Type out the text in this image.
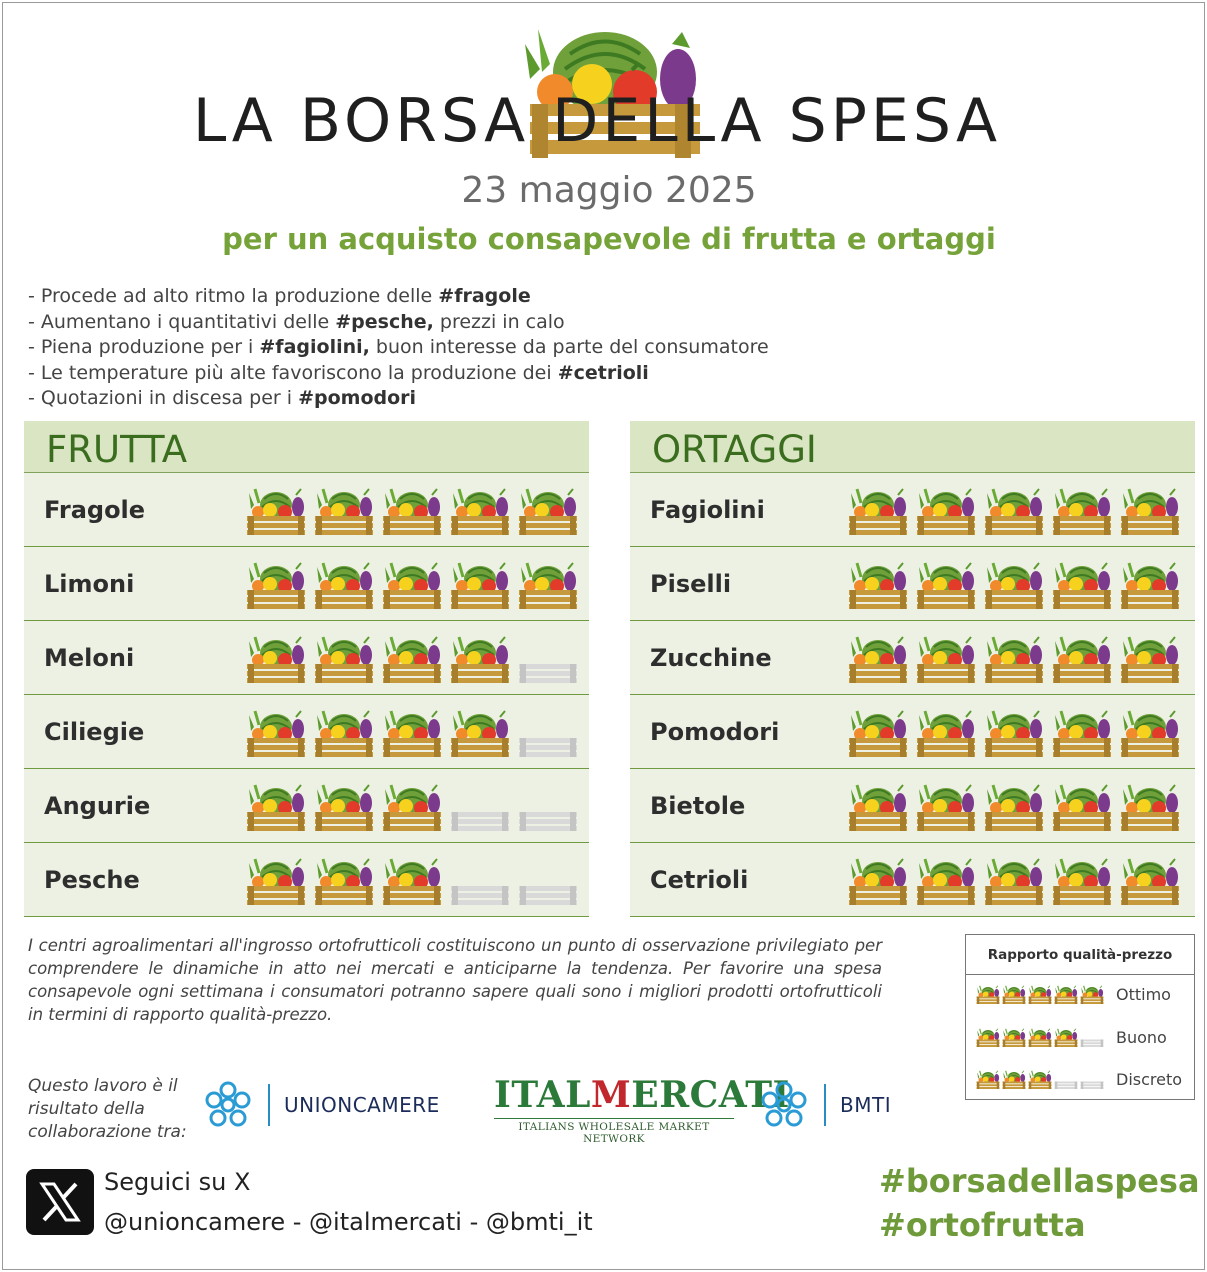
LA BORSA DELLA SPESA
23 maggio 2025
per un acquisto consapevole di frutta e ortaggi
- Procede ad alto ritmo la produzione delle #fragole
- Aumentano i quantitativi delle #pesche, prezzi in calo
- Piena produzione per i #fagiolini, buon interesse da parte del consumatore
- Le temperature più alte favoriscono la produzione dei #cetrioli
- Quotazioni in discesa per i #pomodori
FRUTTA
Fragole
Limoni
Meloni
Ciliegie
Angurie
Pesche
ORTAGGI
Fagiolini
Piselli
Zucchine
Pomodori
Bietole
Cetrioli
I centri agroalimentari all'ingrosso ortofrutticoli costituiscono un punto di osservazione privilegiato per comprendere le dinamiche in atto nei mercati e anticiparne la tendenza. Per favorire una spesa consapevole ogni settimana i consumatori potranno sapere quali sono i migliori prodotti ortofrutticoli in termini di rapporto qualità-prezzo.
Rapporto qualità-prezzo
Ottimo
Buono
Discreto
Questo lavoro è il risultato della collaborazione tra:
UNIONCAMERE ITALMERCATI
ITALIANS WHOLESALE MARKET NETWORK
BMTI
Seguici su X
@unioncamere - @italmercati - @bmti_it
#borsadellaspesa
#ortofrutta
